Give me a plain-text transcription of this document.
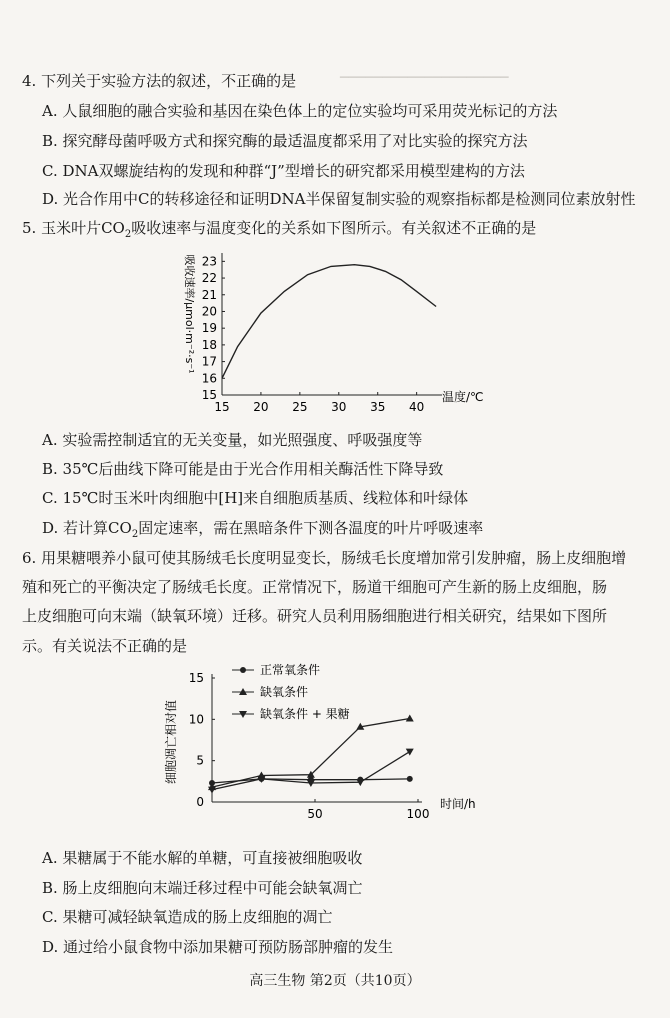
────────────────────
4. 下列关于实验方法的叙述，不正确的是
A. 人鼠细胞的融合实验和基因在染色体上的定位实验均可采用荧光标记的方法
B. 探究酵母菌呼吸方式和探究酶的最适温度都采用了对比实验的探究方法
C. DNA双螺旋结构的发现和种群“J”型增长的研究都采用模型建构的方法
D. 光合作用中C的转移途径和证明DNA半保留复制实验的观察指标都是检测同位素放射性
5. 玉米叶片$CO_2$吸收速率与温度变化的关系如下图所示。有关叙述不正确的是
15
16
17
18
19
20
21
22
23
15 20 25 30 35 40
温度/℃
吸收速率/μmol·m⁻²·s⁻¹
A. 实验需控制适宜的无关变量，如光照强度、呼吸强度等
B. 35℃后曲线下降可能是由于光合作用相关酶活性下降导致
C. 15℃时玉米叶肉细胞中[H]来自细胞质基质、线粒体和叶绿体
D. 若计算$CO_2$固定速率，需在黑暗条件下测各温度的叶片呼吸速率
6. 用果糖喂养小鼠可使其肠绒毛长度明显变长，肠绒毛长度增加常引发肿瘤，肠上皮细胞增
殖和死亡的平衡决定了肠绒毛长度。正常情况下，肠道干细胞可产生新的肠上皮细胞，肠
上皮细胞可向末端（缺氧环境）迁移。研究人员利用肠细胞进行相关研究，结果如下图所
示。有关说法不正确的是
0
5
10
15
50	100
时间/h
细胞凋亡相对值
正常氧条件
缺氧条件
缺氧条件 + 果糖
A. 果糖属于不能水解的单糖，可直接被细胞吸收
B. 肠上皮细胞向末端迁移过程中可能会缺氧凋亡
C. 果糖可减轻缺氧造成的肠上皮细胞的凋亡
D. 通过给小鼠食物中添加果糖可预防肠部肿瘤的发生
高三生物 第2页（共10页）
